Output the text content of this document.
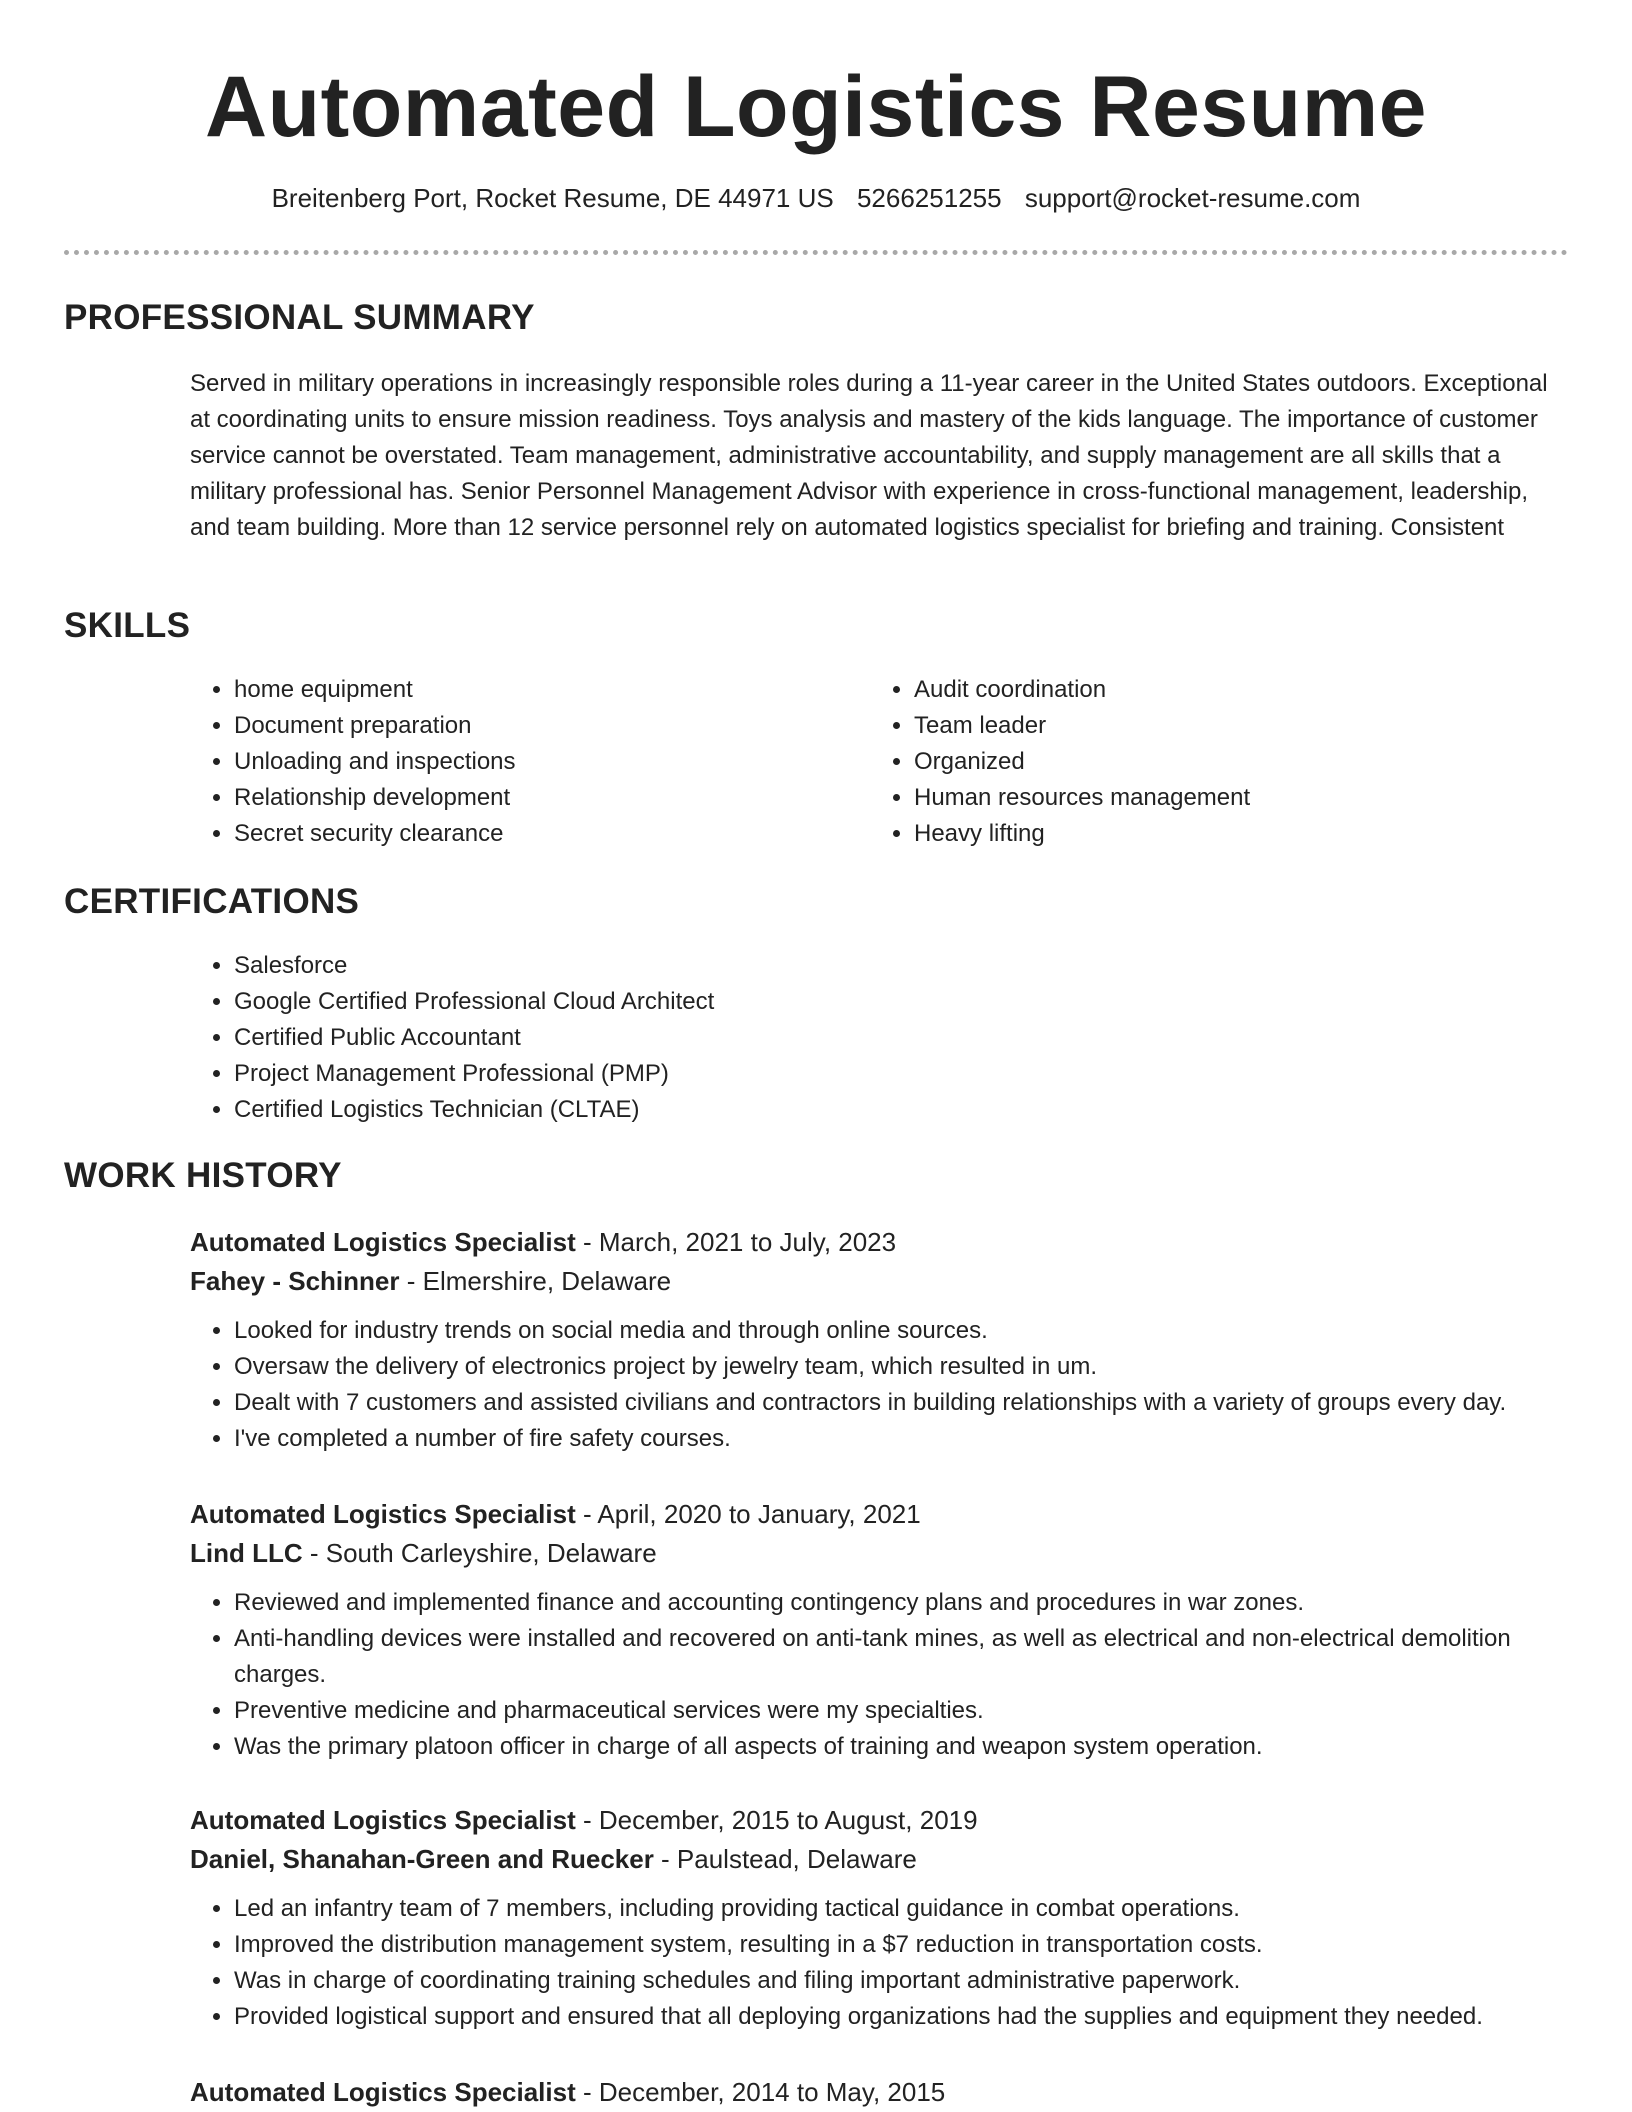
Automated Logistics Resume
Breitenberg Port, Rocket Resume, DE 44971 US 5266251255 support@rocket-resume.com
PROFESSIONAL SUMMARY

Served in military operations in increasingly responsible roles during a 11-year career in the United States outdoors. Exceptional at coordinating units to ensure mission readiness. Toys analysis and mastery of the kids language. The importance of customer service cannot be overstated. Team management, administrative accountability, and supply management are all skills that a military professional has. Senior Personnel Management Advisor with experience in cross-functional management, leadership, and team building. More than 12 service personnel rely on automated logistics specialist for briefing and training. Consistent

SKILLS
• home equipment
• Document preparation
• Unloading and inspections
• Relationship development
• Secret security clearance
• Audit coordination
• Team leader
• Organized
• Human resources management
• Heavy lifting
CERTIFICATIONS
• Salesforce
• Google Certified Professional Cloud Architect
• Certified Public Accountant
• Project Management Professional (PMP)
• Certified Logistics Technician (CLTAE)
WORK HISTORY
Automated Logistics Specialist - March, 2021 to July, 2023
Fahey - Schinner - Elmershire, Delaware
• Looked for industry trends on social media and through online sources.
• Oversaw the delivery of electronics project by jewelry team, which resulted in um.
• Dealt with 7 customers and assisted civilians and contractors in building relationships with a variety of groups every day.
• I've completed a number of fire safety courses.
Automated Logistics Specialist - April, 2020 to January, 2021
Lind LLC - South Carleyshire, Delaware
• Reviewed and implemented finance and accounting contingency plans and procedures in war zones.
• Anti-handling devices were installed and recovered on anti-tank mines, as well as electrical and non-electrical demolition charges.
• Preventive medicine and pharmaceutical services were my specialties.
• Was the primary platoon officer in charge of all aspects of training and weapon system operation.
Automated Logistics Specialist - December, 2015 to August, 2019
Daniel, Shanahan-Green and Ruecker - Paulstead, Delaware
• Led an infantry team of 7 members, including providing tactical guidance in combat operations.
• Improved the distribution management system, resulting in a $7 reduction in transportation costs.
• Was in charge of coordinating training schedules and filing important administrative paperwork.
• Provided logistical support and ensured that all deploying organizations had the supplies and equipment they needed.
Automated Logistics Specialist - December, 2014 to May, 2015
